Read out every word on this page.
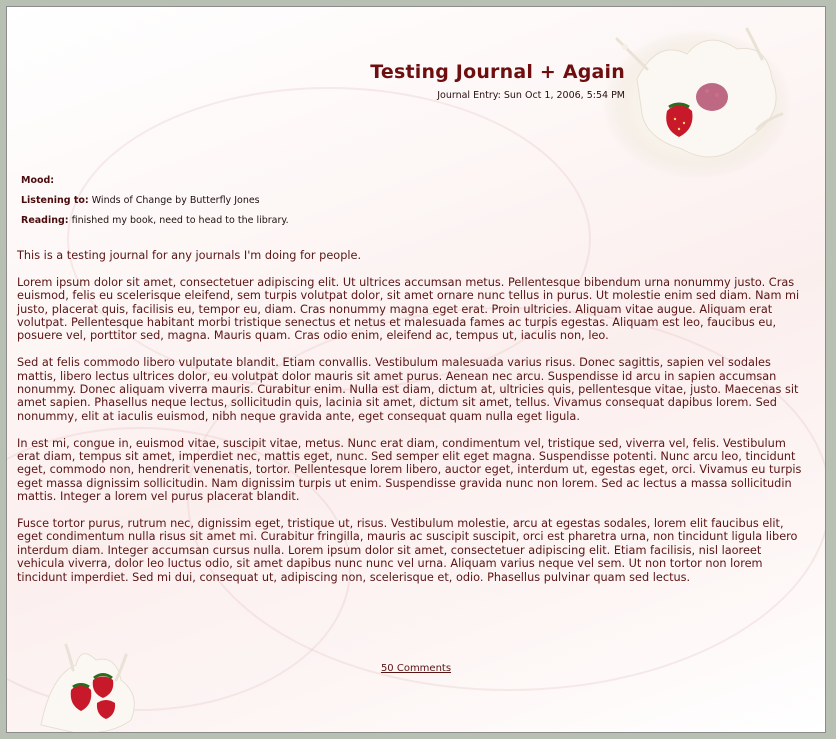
Testing Journal + Again
Journal Entry: Sun Oct 1, 2006, 5:54 PM
Mood:
Listening to: Winds of Change by Butterfly Jones
Reading: finished my book, need to head to the library.

This is a testing journal for any journals I'm doing for people.

Lorem ipsum dolor sit amet, consectetuer adipiscing elit. Ut ultrices accumsan metus. Pellentesque bibendum urna nonummy justo. Cras euismod, felis eu scelerisque eleifend, sem turpis volutpat dolor, sit amet ornare nunc tellus in purus. Ut molestie enim sed diam. Nam mi justo, placerat quis, facilisis eu, tempor eu, diam. Cras nonummy magna eget erat. Proin ultricies. Aliquam vitae augue. Aliquam erat volutpat. Pellentesque habitant morbi tristique senectus et netus et malesuada fames ac turpis egestas. Aliquam est leo, faucibus eu, posuere vel, porttitor sed, magna. Mauris quam. Cras odio enim, eleifend ac, tempus ut, iaculis non, leo.

Sed at felis commodo libero vulputate blandit. Etiam convallis. Vestibulum malesuada varius risus. Donec sagittis, sapien vel sodales mattis, libero lectus ultrices dolor, eu volutpat dolor mauris sit amet purus. Aenean nec arcu. Suspendisse id arcu in sapien accumsan nonummy. Donec aliquam viverra mauris. Curabitur enim. Nulla est diam, dictum at, ultricies quis, pellentesque vitae, justo. Maecenas sit amet sapien. Phasellus neque lectus, sollicitudin quis, lacinia sit amet, dictum sit amet, tellus. Vivamus consequat dapibus lorem. Sed nonummy, elit at iaculis euismod, nibh neque gravida ante, eget consequat quam nulla eget ligula.

In est mi, congue in, euismod vitae, suscipit vitae, metus. Nunc erat diam, condimentum vel, tristique sed, viverra vel, felis. Vestibulum erat diam, tempus sit amet, imperdiet nec, mattis eget, nunc. Sed semper elit eget magna. Suspendisse potenti. Nunc arcu leo, tincidunt eget, commodo non, hendrerit venenatis, tortor. Pellentesque lorem libero, auctor eget, interdum ut, egestas eget, orci. Vivamus eu turpis eget massa dignissim sollicitudin. Nam dignissim turpis ut enim. Suspendisse gravida nunc non lorem. Sed ac lectus a massa sollicitudin mattis. Integer a lorem vel purus placerat blandit.

Fusce tortor purus, rutrum nec, dignissim eget, tristique ut, risus. Vestibulum molestie, arcu at egestas sodales, lorem elit faucibus elit, eget condimentum nulla risus sit amet mi. Curabitur fringilla, mauris ac suscipit suscipit, orci est pharetra urna, non tincidunt ligula libero interdum diam. Integer accumsan cursus nulla. Lorem ipsum dolor sit amet, consectetuer adipiscing elit. Etiam facilisis, nisl laoreet vehicula viverra, dolor leo luctus odio, sit amet dapibus nunc nunc vel urna. Aliquam varius neque vel sem. Ut non tortor non lorem tincidunt imperdiet. Sed mi dui, consequat ut, adipiscing non, scelerisque et, odio. Phasellus pulvinar quam sed lectus.

50 Comments
